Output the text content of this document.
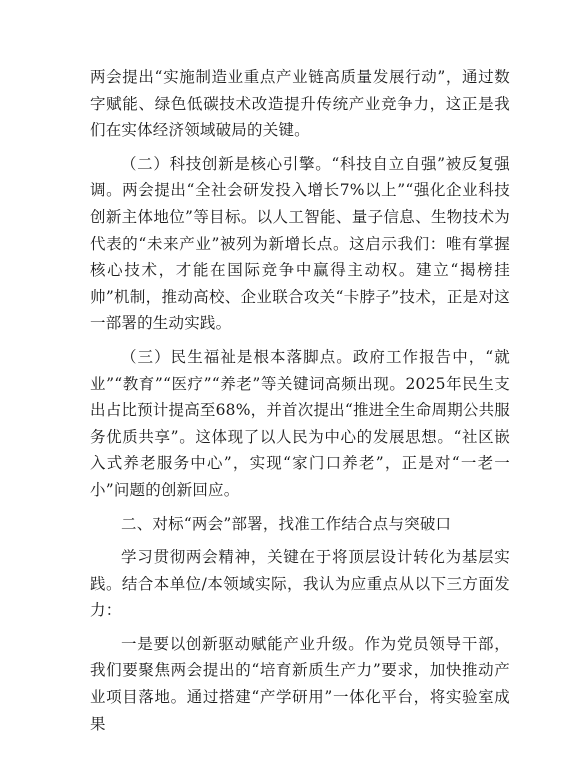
两会提出“实施制造业重点产业链高质量发展行动”，通过数字赋能、绿色低碳技术改造提升传统产业竞争力，这正是我们在实体经济领域破局的关键。

（二）科技创新是核心引擎。“科技自立自强”被反复强调。两会提出“全社会研发投入增长7%以上”“强化企业科技创新主体地位”等目标。以人工智能、量子信息、生物技术为代表的“未来产业”被列为新增长点。这启示我们：唯有掌握核心技术，才能在国际竞争中赢得主动权。建立“揭榜挂帅”机制，推动高校、企业联合攻关“卡脖子”技术，正是对这一部署的生动实践。

（三）民生福祉是根本落脚点。政府工作报告中，“就业”“教育”“医疗”“养老”等关键词高频出现。2025年民生支出占比预计提高至68%，并首次提出“推进全生命周期公共服务优质共享”。这体现了以人民为中心的发展思想。“社区嵌入式养老服务中心”，实现“家门口养老”，正是对“一老一小”问题的创新回应。

二、对标“两会”部署，找准工作结合点与突破口

学习贯彻两会精神，关键在于将顶层设计转化为基层实践。结合本单位/本领域实际，我认为应重点从以下三方面发力：

一是要以创新驱动赋能产业升级。作为党员领导干部，我们要聚焦两会提出的“培育新质生产力”要求，加快推动产业项目落地。通过搭建“产学研用”一体化平台，将实验室成果
